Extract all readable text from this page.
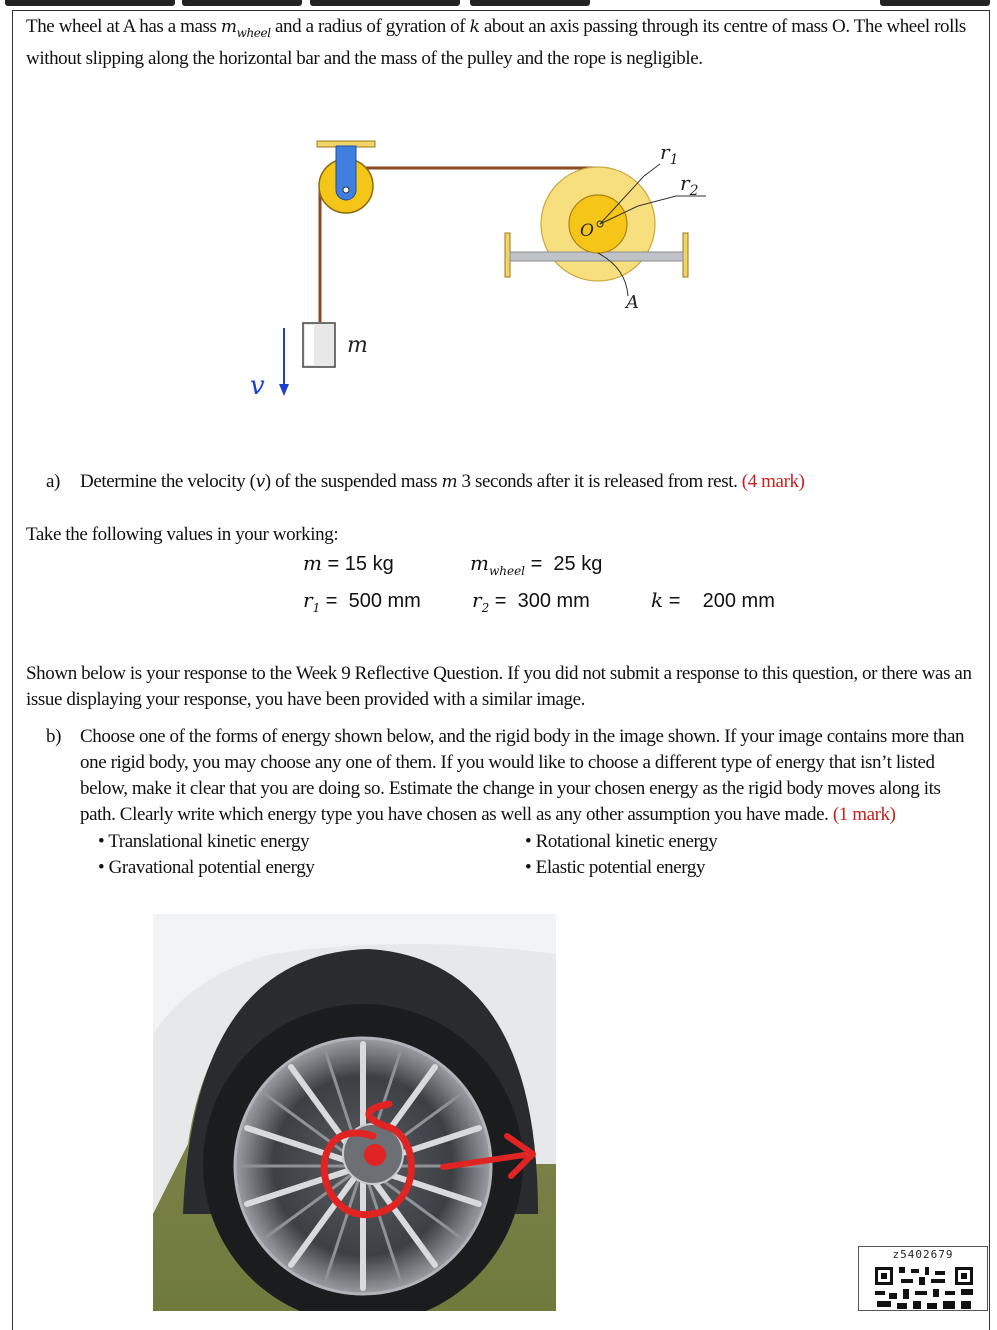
The wheel at A has a mass $m_{wheel}$ and a radius of gyration of k about an axis passing through its centre of mass O. The wheel rolls without slipping along the horizontal bar and the mass of the pulley and the rope is negligible.
$r_1$
$r_2$
O
A
m
v
a) Determine the velocity (v) of the suspended mass m 3 seconds after it is released from rest. (4 mark)
Take the following values in your working:
m = 15 kg	$m_{wheel} = 25$ kg
$r_1 = 500$ mm	$r_2 = 300$ mm	k = 200 mm
Shown below is your response to the Week 9 Reflective Question. If you did not submit a response to this question, or there was an issue displaying your response, you have been provided with a similar image.
b) Choose one of the forms of energy shown below, and the rigid body in the image shown. If your image contains more than one rigid body, you may choose any one of them. If you would like to choose a different type of energy that isn’t listed below, make it clear that you are doing so. Estimate the change in your chosen energy as the rigid body moves along its path. Clearly write which energy type you have chosen as well as any other assumption you have made. (1 mark)
• Translational kinetic energy	• Rotational kinetic energy
• Gravational potential energy	• Elastic potential energy
z5402679
